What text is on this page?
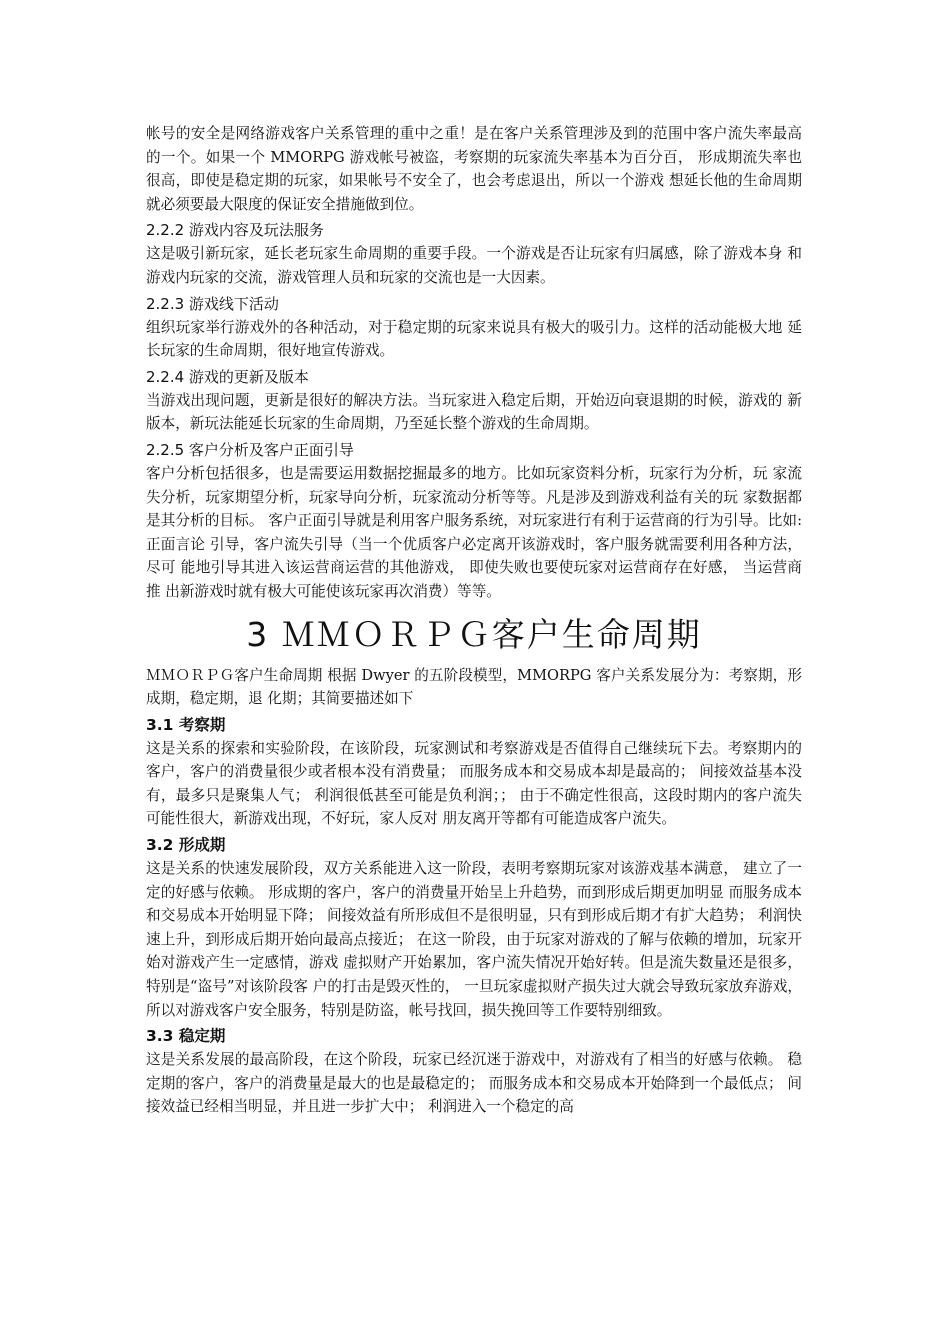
帐号的安全是网络游戏客户关系管理的重中之重！是在客户关系管理涉及到的范围中客户流失率最高的一个。如果一个 MMORPG 游戏帐号被盗，考察期的玩家流失率基本为百分百， 形成期流失率也很高，即使是稳定期的玩家，如果帐号不安全了，也会考虑退出，所以一个游戏 想延长他的生命周期就必须要最大限度的保证安全措施做到位。

2.2.2 游戏内容及玩法服务

这是吸引新玩家，延长老玩家生命周期的重要手段。一个游戏是否让玩家有归属感，除了游戏本身 和游戏内玩家的交流，游戏管理人员和玩家的交流也是一大因素。

2.2.3 游戏线下活动

组织玩家举行游戏外的各种活动，对于稳定期的玩家来说具有极大的吸引力。这样的活动能极大地 延长玩家的生命周期，很好地宣传游戏。

2.2.4 游戏的更新及版本

当游戏出现问题，更新是很好的解决方法。当玩家进入稳定后期，开始迈向衰退期的时候，游戏的 新版本，新玩法能延长玩家的生命周期，乃至延长整个游戏的生命周期。

2.2.5 客户分析及客户正面引导

客户分析包括很多，也是需要运用数据挖掘最多的地方。比如玩家资料分析，玩家行为分析，玩 家流失分析，玩家期望分析，玩家导向分析，玩家流动分析等等。凡是涉及到游戏利益有关的玩 家数据都是其分析的目标。 客户正面引导就是利用客户服务系统，对玩家进行有利于运营商的行为引导。比如:正面言论 引导，客户流失引导（当一个优质客户必定离开该游戏时，客户服务就需要利用各种方法，尽可 能地引导其进入该运营商运营的其他游戏， 即使失败也要使玩家对运营商存在好感， 当运营商推 出新游戏时就有极大可能使该玩家再次消费）等等。

3 ＭＭＯＲＰＧ客户生命周期

ＭＭＯＲＰＧ客户生命周期 根据 Dwyer 的五阶段模型，MMORPG 客户关系发展分为：考察期，形成期，稳定期，退 化期；其简要描述如下

3.1 考察期

这是关系的探索和实验阶段，在该阶段，玩家测试和考察游戏是否值得自己继续玩下去。考察期内的客户，客户的消费量很少或者根本没有消费量； 而服务成本和交易成本却是最高的； 间接效益基本没有，最多只是聚集人气； 利润很低甚至可能是负利润；； 由于不确定性很高，这段时期内的客户流失可能性很大，新游戏出现，不好玩，家人反对 朋友离开等都有可能造成客户流失。

3.2 形成期

这是关系的快速发展阶段，双方关系能进入这一阶段，表明考察期玩家对该游戏基本满意， 建立了一定的好感与依赖。 形成期的客户，客户的消费量开始呈上升趋势，而到形成后期更加明显 而服务成本和交易成本开始明显下降； 间接效益有所形成但不是很明显，只有到形成后期才有扩大趋势； 利润快速上升，到形成后期开始向最高点接近； 在这一阶段，由于玩家对游戏的了解与依赖的增加，玩家开始对游戏产生一定感情，游戏 虚拟财产开始累加，客户流失情况开始好转。但是流失数量还是很多，特别是“盗号”对该阶段客 户的打击是毁灭性的， 一旦玩家虚拟财产损失过大就会导致玩家放弃游戏， 所以对游戏客户安全服务，特别是防盗，帐号找回，损失挽回等工作要特别细致。

3.3 稳定期

这是关系发展的最高阶段，在这个阶段，玩家已经沉迷于游戏中，对游戏有了相当的好感与依赖。 稳定期的客户，客户的消费量是最大的也是最稳定的； 而服务成本和交易成本开始降到一个最低点； 间接效益已经相当明显，并且进一步扩大中； 利润进入一个稳定的高
